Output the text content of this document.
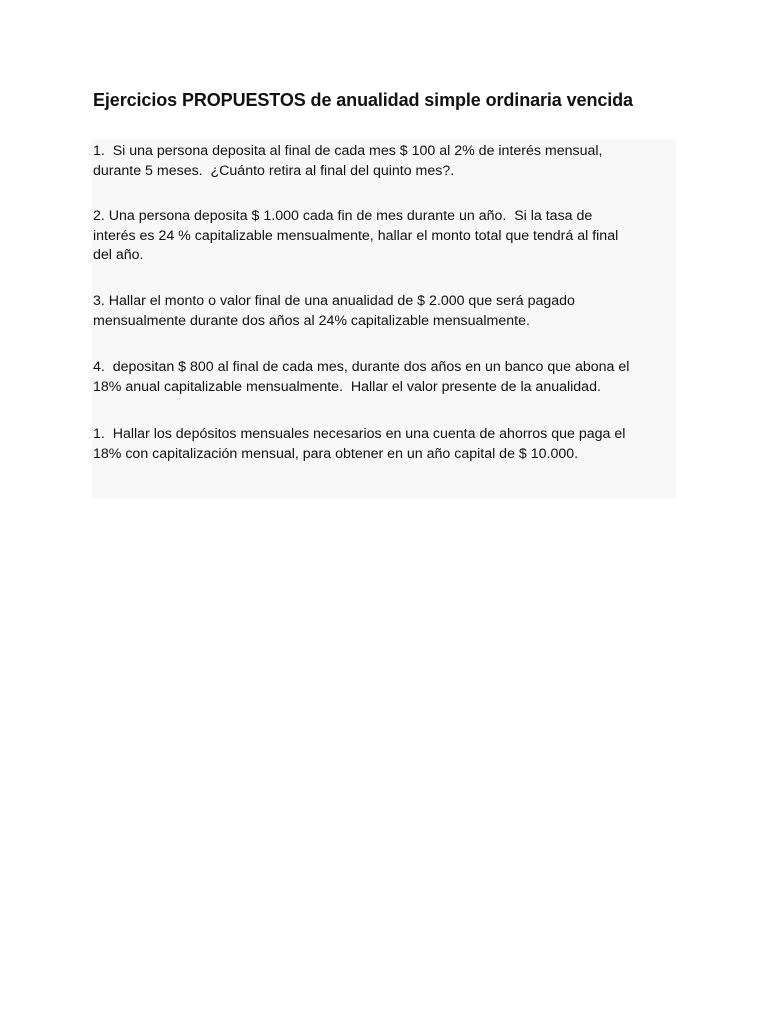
Ejercicios PROPUESTOS de anualidad simple ordinaria vencida

1.  Si una persona deposita al final de cada mes $ 100 al 2% de interés mensual,
durante 5 meses.  ¿Cuánto retira al final del quinto mes?.

2. Una persona deposita $ 1.000 cada fin de mes durante un año.  Si la tasa de
interés es 24 % capitalizable mensualmente, hallar el monto total que tendrá al final
del año.

3. Hallar el monto o valor final de una anualidad de $ 2.000 que será pagado
mensualmente durante dos años al 24% capitalizable mensualmente.

4.  depositan $ 800 al final de cada mes, durante dos años en un banco que abona el
18% anual capitalizable mensualmente.  Hallar el valor presente de la anualidad.

1.  Hallar los depósitos mensuales necesarios en una cuenta de ahorros que paga el
18% con capitalización mensual, para obtener en un año capital de $ 10.000.
